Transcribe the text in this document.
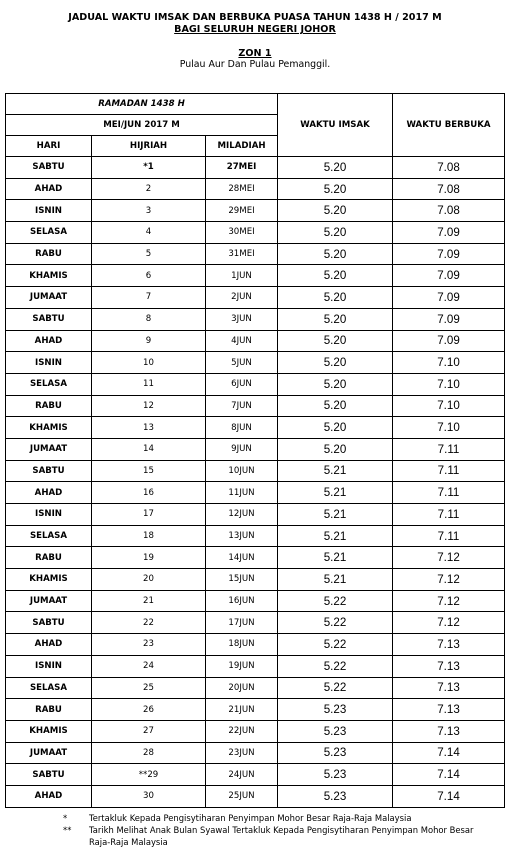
JADUAL WAKTU IMSAK DAN BERBUKA PUASA TAHUN 1438 H / 2017 M
BAGI SELURUH NEGERI JOHOR
ZON 1
Pulau Aur Dan Pulau Pemanggil.
RAMADAN 1438 H			WAKTU IMSAK	WAKTU BERBUKA
MEI/JUN 2017 M				
HARI	HIJRIAH	MILADIAH		
SABTU	*1	27MEI	5.20	7.08
AHAD	2	28MEI	5.20	7.08
ISNIN	3	29MEI	5.20	7.08
SELASA	4	30MEI	5.20	7.09
RABU	5	31MEI	5.20	7.09
KHAMIS	6	1JUN	5.20	7.09
JUMAAT	7	2JUN	5.20	7.09
SABTU	8	3JUN	5.20	7.09
AHAD	9	4JUN	5.20	7.09
ISNIN	10	5JUN	5.20	7.10
SELASA	11	6JUN	5.20	7.10
RABU	12	7JUN	5.20	7.10
KHAMIS	13	8JUN	5.20	7.10
JUMAAT	14	9JUN	5.20	7.11
SABTU	15	10JUN	5.21	7.11
AHAD	16	11JUN	5.21	7.11
ISNIN	17	12JUN	5.21	7.11
SELASA	18	13JUN	5.21	7.11
RABU	19	14JUN	5.21	7.12
KHAMIS	20	15JUN	5.21	7.12
JUMAAT	21	16JUN	5.22	7.12
SABTU	22	17JUN	5.22	7.12
AHAD	23	18JUN	5.22	7.13
ISNIN	24	19JUN	5.22	7.13
SELASA	25	20JUN	5.22	7.13
RABU	26	21JUN	5.23	7.13
KHAMIS	27	22JUN	5.23	7.13
JUMAAT	28	23JUN	5.23	7.14
SABTU	**29	24JUN	5.23	7.14
AHAD	30	25JUN	5.23	7.14
*	Tertakluk Kepada Pengisytiharan Penyimpan Mohor Besar Raja-Raja Malaysia
**	Tarikh Melihat Anak Bulan Syawal Tertakluk Kepada Pengisytiharan Penyimpan Mohor Besar
Raja-Raja Malaysia
